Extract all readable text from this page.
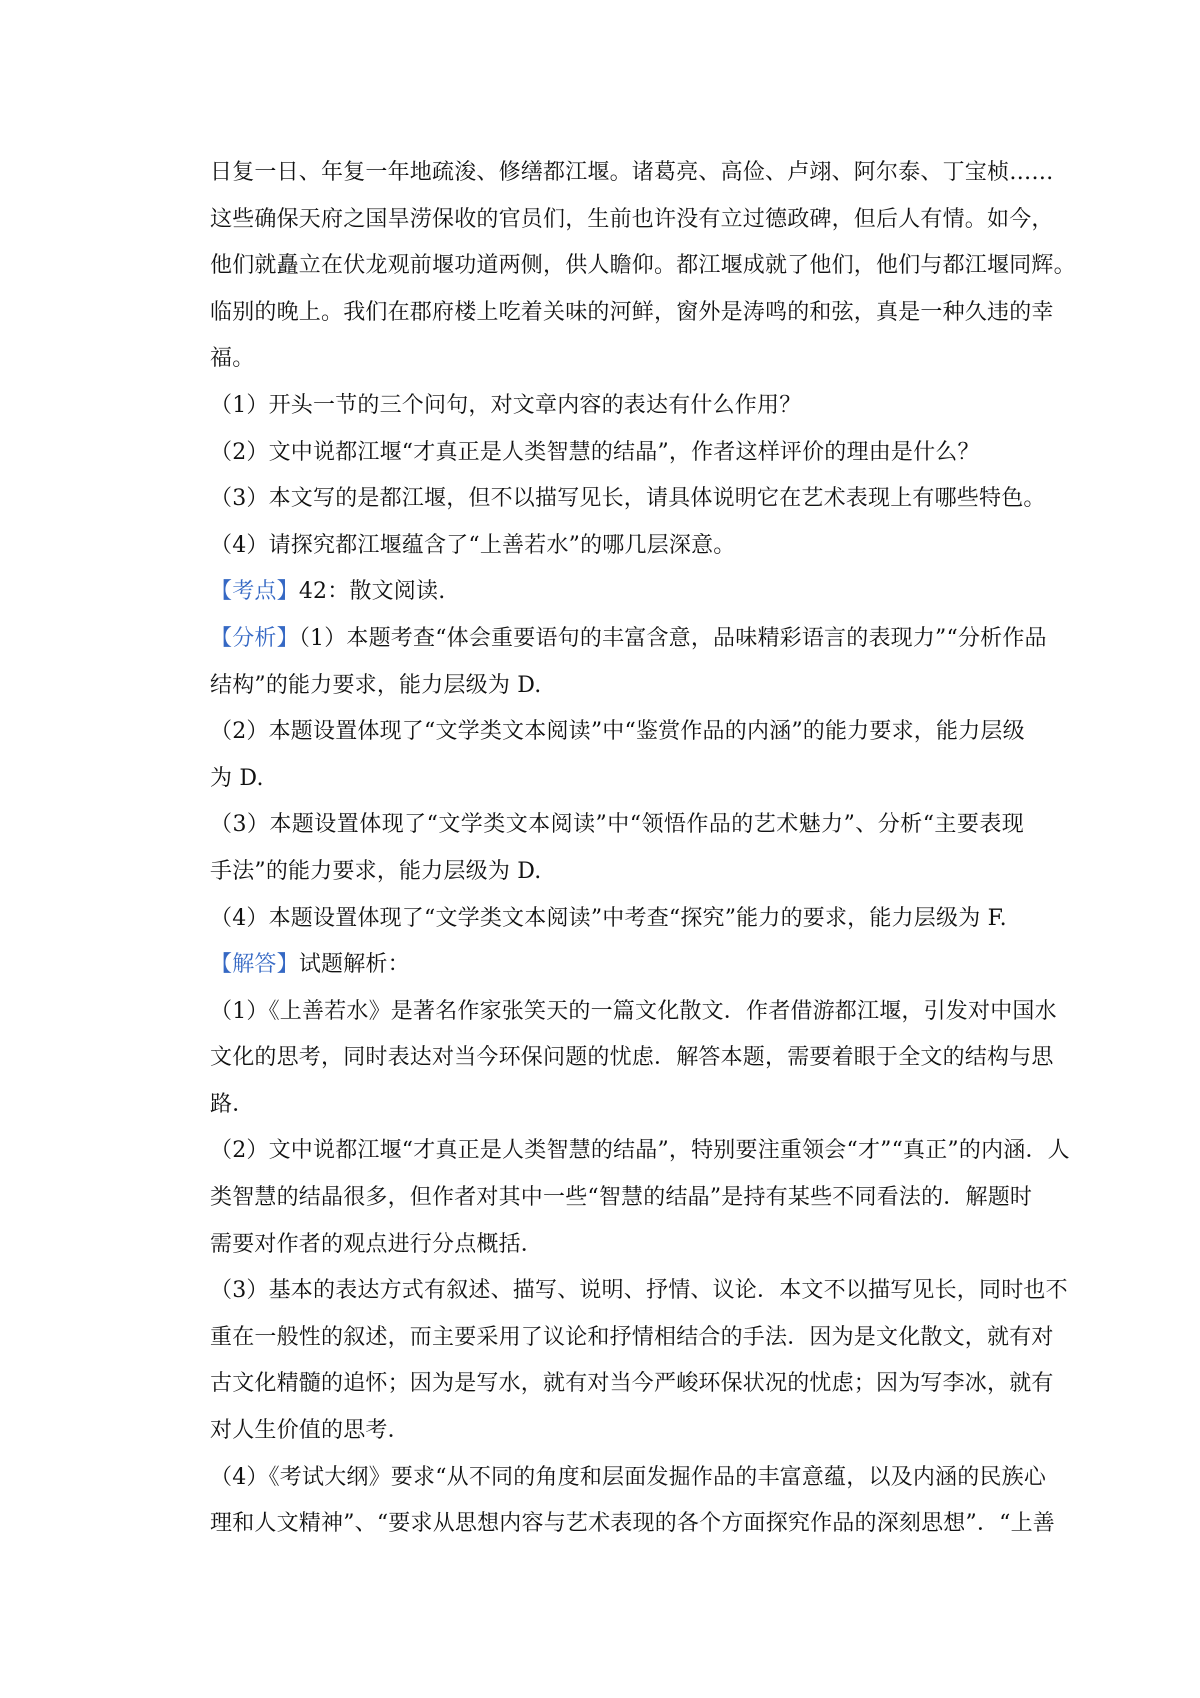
日复一日、年复一年地疏浚、修缮都江堰。诸葛亮、高俭、卢翊、阿尔泰、丁宝桢……
这些确保天府之国旱涝保收的官员们，生前也许没有立过德政碑，但后人有情。如今，
他们就矗立在伏龙观前堰功道两侧，供人瞻仰。都江堰成就了他们，他们与都江堰同辉。
临别的晚上。我们在郡府楼上吃着关味的河鲜，窗外是涛鸣的和弦，真是一种久违的幸
福。
（1）开头一节的三个问句，对文章内容的表达有什么作用？
（2）文中说都江堰“才真正是人类智慧的结晶”，作者这样评价的理由是什么？
（3）本文写的是都江堰，但不以描写见长，请具体说明它在艺术表现上有哪些特色。
（4）请探究都江堰蕴含了“上善若水”的哪几层深意。
【考点】42：散文阅读.
【分析】（1）本题考查“体会重要语句的丰富含意，品味精彩语言的表现力”“分析作品
结构”的能力要求，能力层级为 D.
（2）本题设置体现了“文学类文本阅读”中“鉴赏作品的内涵”的能力要求，能力层级
为 D.
（3）本题设置体现了“文学类文本阅读”中“领悟作品的艺术魅力”、分析“主要表现
手法”的能力要求，能力层级为 D.
（4）本题设置体现了“文学类文本阅读”中考查“探究”能力的要求，能力层级为 F.
【解答】试题解析：
（1）《上善若水》是著名作家张笑天的一篇文化散文．作者借游都江堰，引发对中国水
文化的思考，同时表达对当今环保问题的忧虑．解答本题，需要着眼于全文的结构与思
路．
（2）文中说都江堰“才真正是人类智慧的结晶”，特别要注重领会“才”“真正”的内涵．人
类智慧的结晶很多，但作者对其中一些“智慧的结晶”是持有某些不同看法的．解题时
需要对作者的观点进行分点概括．
（3）基本的表达方式有叙述、描写、说明、抒情、议论．本文不以描写见长，同时也不
重在一般性的叙述，而主要采用了议论和抒情相结合的手法．因为是文化散文，就有对
古文化精髓的追怀；因为是写水，就有对当今严峻环保状况的忧虑；因为写李冰，就有
对人生价值的思考．
（4）《考试大纲》要求“从不同的角度和层面发掘作品的丰富意蕴，以及内涵的民族心
理和人文精神”、“要求从思想内容与艺术表现的各个方面探究作品的深刻思想”．“上善
